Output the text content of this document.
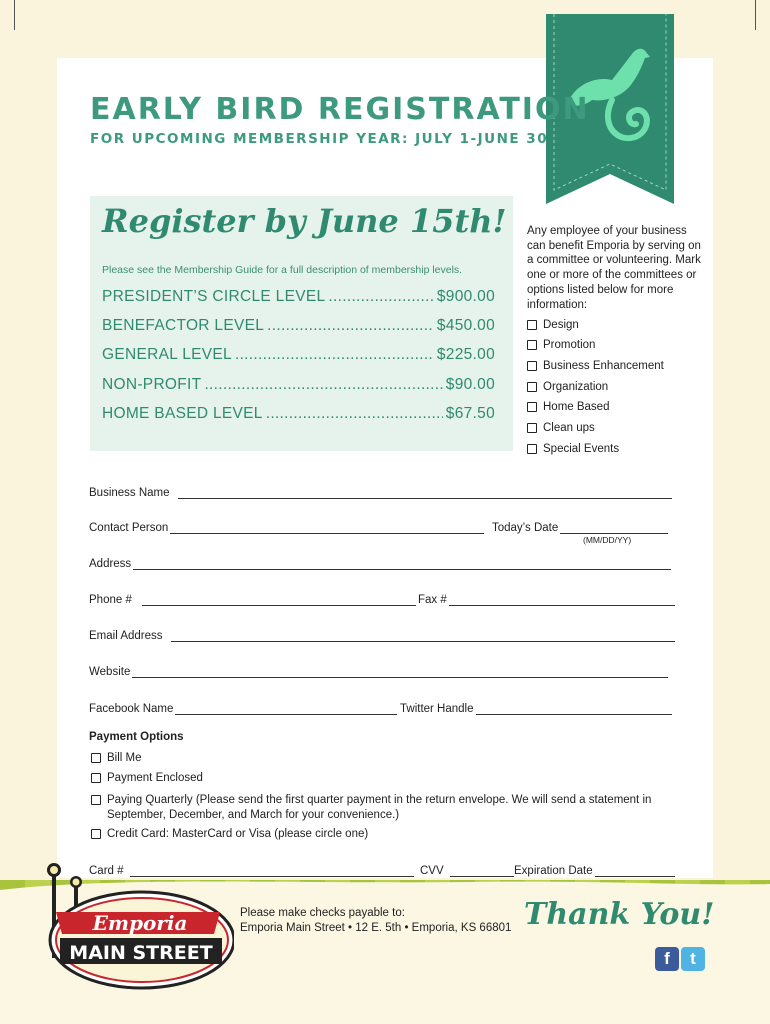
EARLY BIRD REGISTRATION
FOR UPCOMING MEMBERSHIP YEAR: JULY 1-JUNE 30
Register by June 15th!
Please see the Membership Guide for a full description of membership levels.
PRESIDENT’S CIRCLE LEVEL .....	$900.00
BENEFACTOR LEVEL .....	$450.00
GENERAL LEVEL .....	$225.00
NON-PROFIT .....	$90.00
HOME BASED LEVEL .....	$67.50
Any employee of your business can benefit Emporia by serving on a committee or volunteering. Mark one or more of the committees or options listed below for more information:
Design
Promotion
Business Enhancement
Organization
Home Based
Clean ups
Special Events
Business Name
Contact Person	Today’s Date
(MM/DD/YY)
Address
Phone #	Fax #
Email Address
Website
Facebook Name	Twitter Handle
Payment Options
Bill Me
Payment Enclosed
Paying Quarterly (Please send the first quarter payment in the return envelope. We will send a statement in September, December, and March for your convenience.)
Credit Card: MasterCard or Visa (please circle one)
Card #	CVV	Expiration Date
Emporia
MAIN STREET
Please make checks payable to:
Emporia Main Street • 12 E. 5th • Emporia, KS 66801 Thank You!
f	t
